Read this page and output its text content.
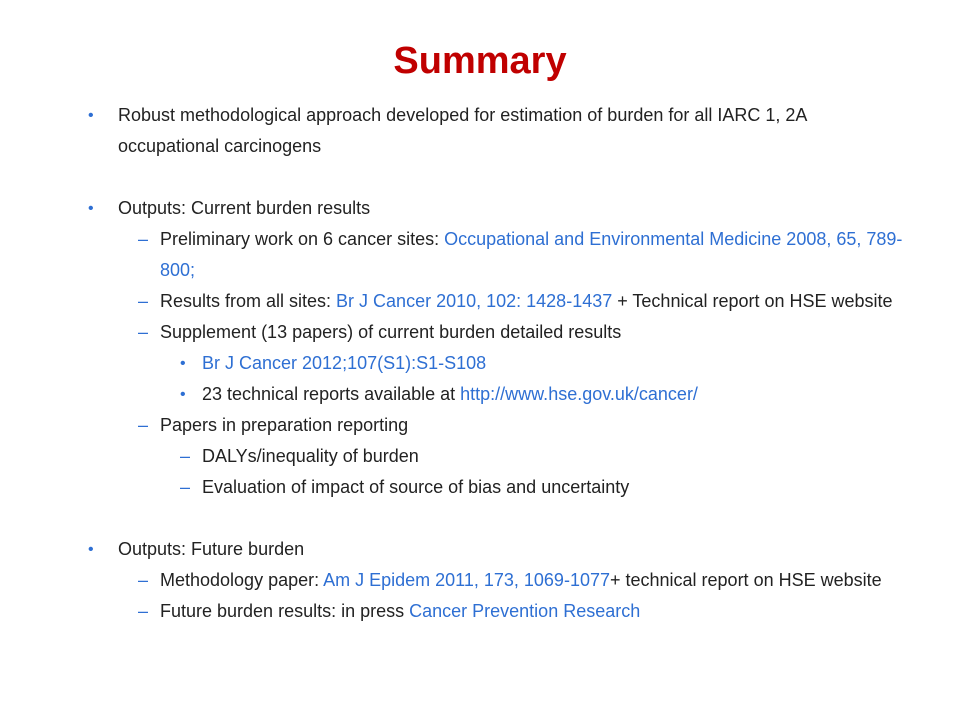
Summary
• Robust methodological approach developed for estimation of burden for all IARC 1, 2A occupational carcinogens
• Outputs: Current burden results
– Preliminary work on 6 cancer sites: Occupational and Environmental Medicine 2008, 65, 789-800;
– Results from all sites: Br J Cancer 2010, 102: 1428-1437 + Technical report on HSE website
– Supplement (13 papers) of current burden detailed results
• Br J Cancer 2012;107(S1):S1-S108
• 23 technical reports available at http://www.hse.gov.uk/cancer/
– Papers in preparation reporting
– DALYs/inequality of burden
– Evaluation of impact of source of bias and uncertainty
• Outputs: Future burden
– Methodology paper: Am J Epidem 2011, 173, 1069-1077+ technical report on HSE website
– Future burden results: in press Cancer Prevention Research
